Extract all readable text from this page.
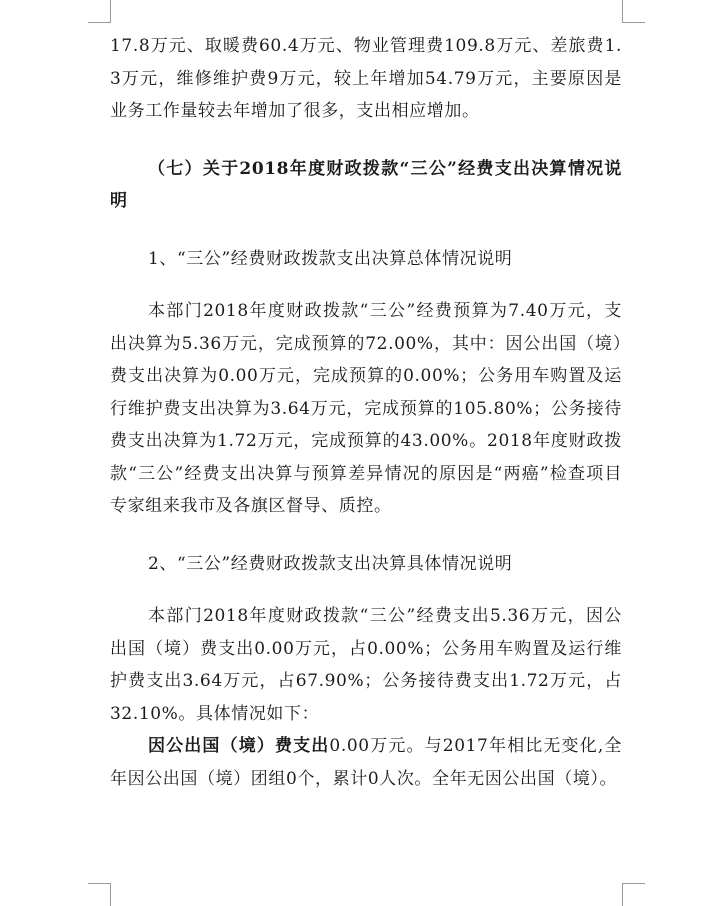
17.8万元、取暖费60.4万元、物业管理费109.8万元、差旅费1.3万元，维修维护费9万元，较上年增加54.79万元，主要原因是业务工作量较去年增加了很多，支出相应增加。

（七）关于2018年度财政拨款“三公”经费支出决算情况说明

1、“三公”经费财政拨款支出决算总体情况说明

本部门2018年度财政拨款“三公”经费预算为7.40万元，支出决算为5.36万元，完成预算的72.00%，其中：因公出国（境）费支出决算为0.00万元，完成预算的0.00%；公务用车购置及运行维护费支出决算为3.64万元，完成预算的105.80%；公务接待费支出决算为1.72万元，完成预算的43.00%。2018年度财政拨款“三公”经费支出决算与预算差异情况的原因是“两癌”检查项目专家组来我市及各旗区督导、质控。

2、“三公”经费财政拨款支出决算具体情况说明

本部门2018年度财政拨款“三公”经费支出5.36万元，因公出国（境）费支出0.00万元，占0.00%；公务用车购置及运行维护费支出3.64万元，占67.90%；公务接待费支出1.72万元，占32.10%。具体情况如下：

因公出国（境）费支出0.00万元。与2017年相比无变化,全年因公出国（境）团组0个，累计0人次。全年无因公出国（境）。
